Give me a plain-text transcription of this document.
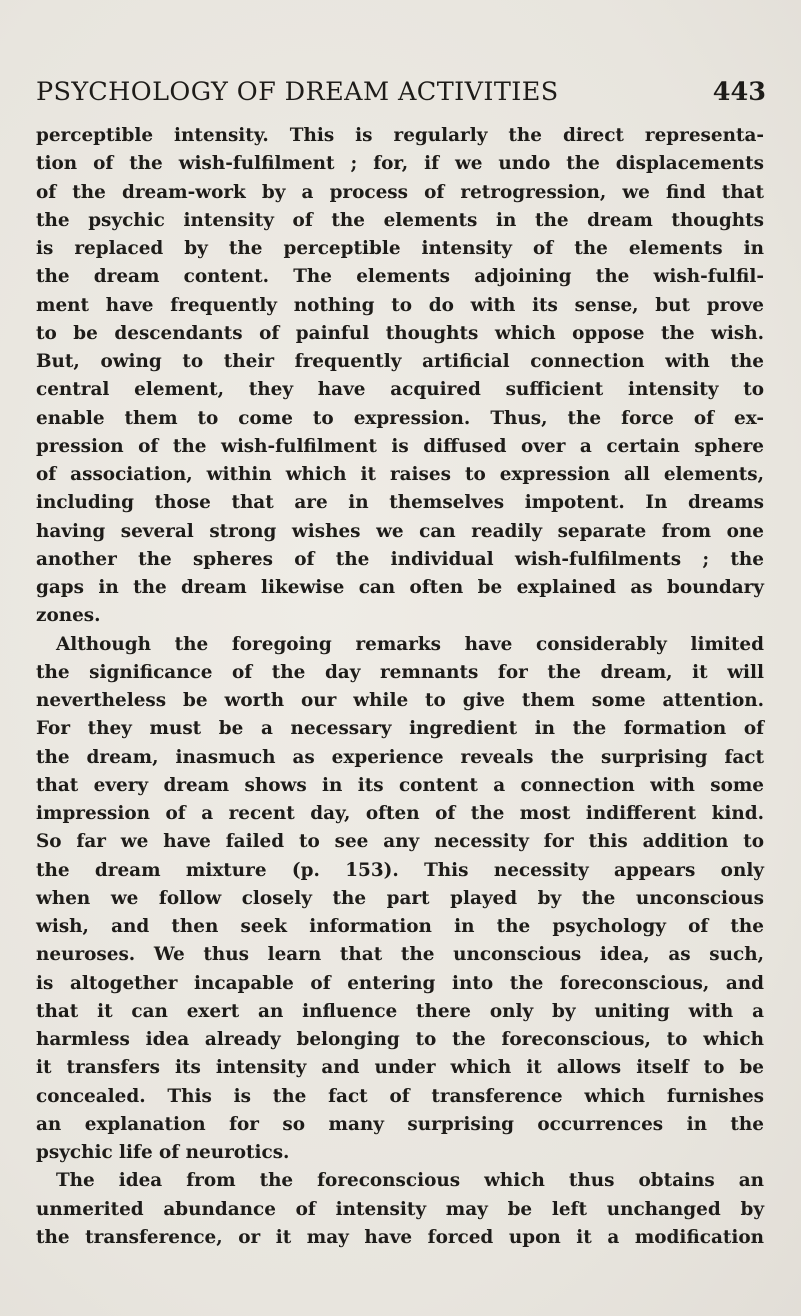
PSYCHOLOGY OF DREAM ACTIVITIES	443
perceptible intensity. This is regularly the direct representa-
tion of the wish-fulfilment ; for, if we undo the displacements
of the dream-work by a process of retrogression, we find that
the psychic intensity of the elements in the dream thoughts
is replaced by the perceptible intensity of the elements in
the dream content. The elements adjoining the wish-fulfil-
ment have frequently nothing to do with its sense, but prove
to be descendants of painful thoughts which oppose the wish.
But, owing to their frequently artificial connection with the
central element, they have acquired sufficient intensity to
enable them to come to expression. Thus, the force of ex-
pression of the wish-fulfilment is diffused over a certain sphere
of association, within which it raises to expression all elements,
including those that are in themselves impotent. In dreams
having several strong wishes we can readily separate from one
another the spheres of the individual wish-fulfilments ; the
gaps in the dream likewise can often be explained as boundary
zones.
Although the foregoing remarks have considerably limited
the significance of the day remnants for the dream, it will
nevertheless be worth our while to give them some attention.
For they must be a necessary ingredient in the formation of
the dream, inasmuch as experience reveals the surprising fact
that every dream shows in its content a connection with some
impression of a recent day, often of the most indifferent kind.
So far we have failed to see any necessity for this addition to
the dream mixture (p. 153). This necessity appears only
when we follow closely the part played by the unconscious
wish, and then seek information in the psychology of the
neuroses. We thus learn that the unconscious idea, as such,
is altogether incapable of entering into the foreconscious, and
that it can exert an influence there only by uniting with a
harmless idea already belonging to the foreconscious, to which
it transfers its intensity and under which it allows itself to be
concealed. This is the fact of transference which furnishes
an explanation for so many surprising occurrences in the
psychic life of neurotics.
The idea from the foreconscious which thus obtains an
unmerited abundance of intensity may be left unchanged by
the transference, or it may have forced upon it a modification
